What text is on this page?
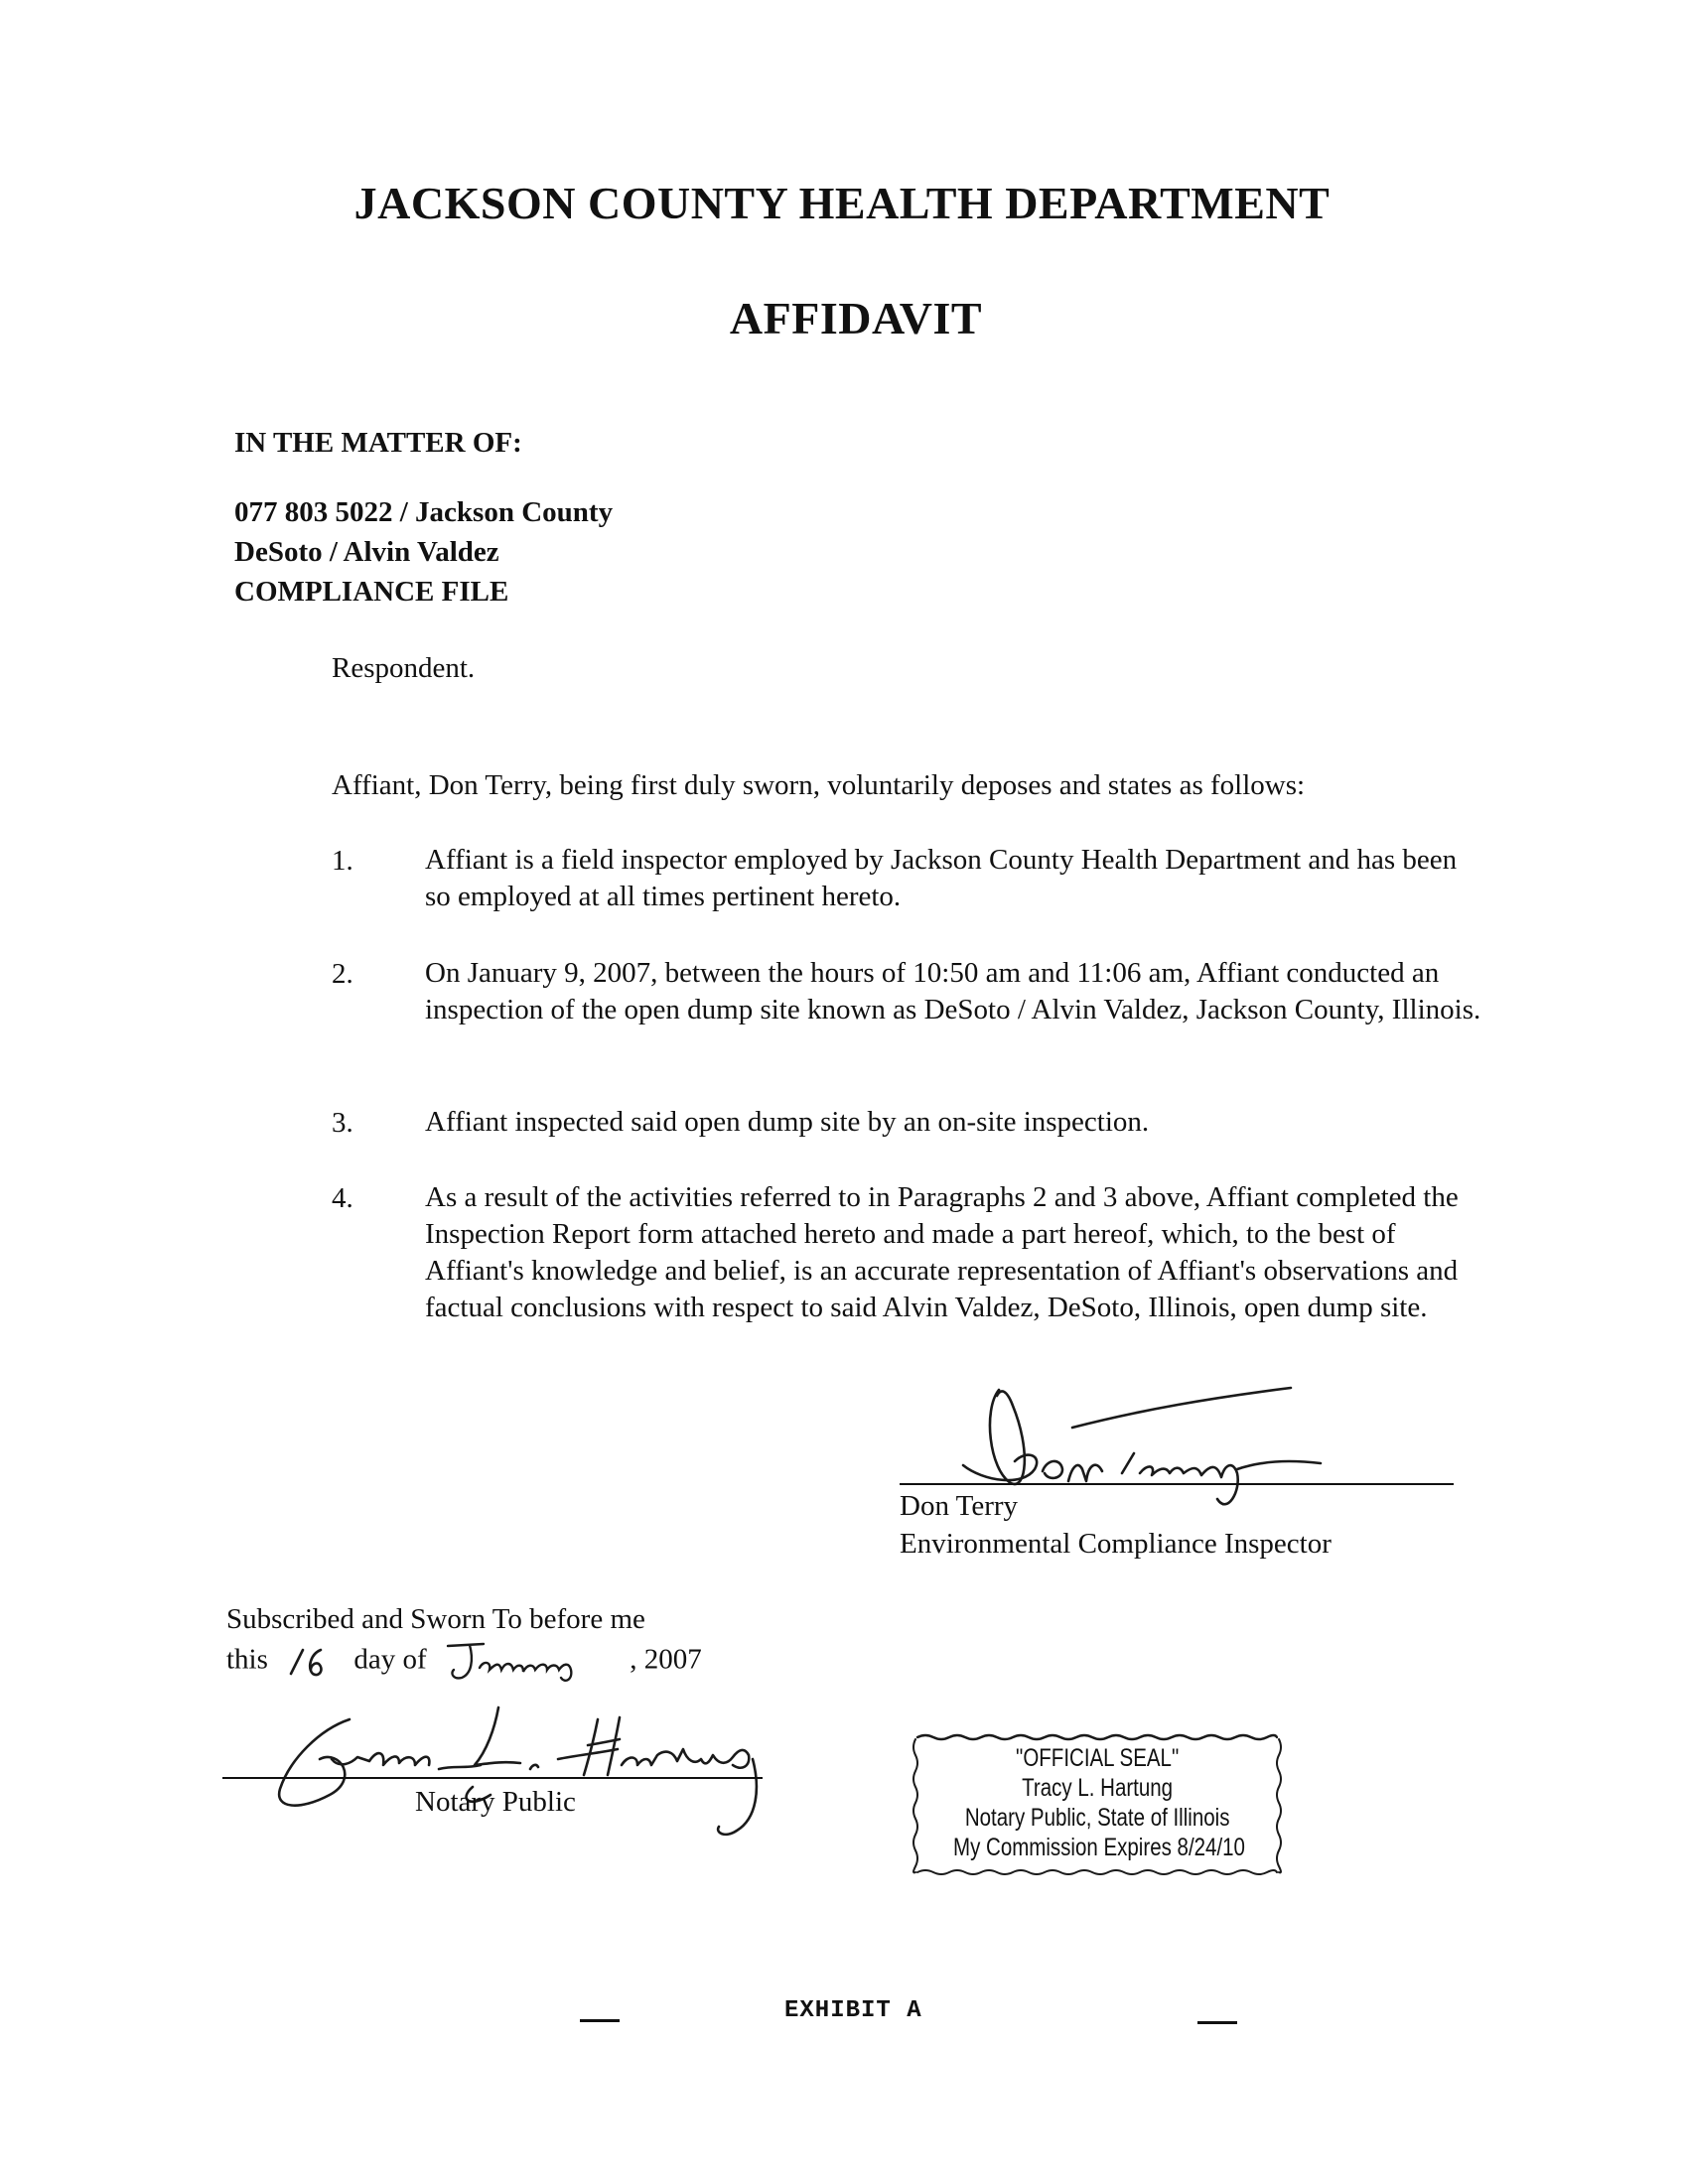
JACKSON COUNTY HEALTH DEPARTMENT
AFFIDAVIT
IN THE MATTER OF:
077 803 5022 / Jackson County
DeSoto / Alvin Valdez
COMPLIANCE FILE
Respondent.
Affiant, Don Terry, being first duly sworn, voluntarily deposes and states as follows:
1. Affiant is a field inspector employed by Jackson County Health Department and has been so employed at all times pertinent hereto.
2. On January 9, 2007, between the hours of 10:50 am and 11:06 am, Affiant conducted an inspection of the open dump site known as DeSoto / Alvin Valdez, Jackson County, Illinois.
3. Affiant inspected said open dump site by an on-site inspection.
4. As a result of the activities referred to in Paragraphs 2 and 3 above, Affiant completed the Inspection Report form attached hereto and made a part hereof, which, to the best of Affiant's knowledge and belief, is an accurate representation of Affiant's observations and factual conclusions with respect to said Alvin Valdez, DeSoto, Illinois, open dump site.
Don Terry
Environmental Compliance Inspector
Subscribed and Sworn To before me
this	day of	, 2007
Notary Public
"OFFICIAL SEAL"
Tracy L. Hartung
Notary Public, State of Illinois
My Commission Expires 8/24/10
EXHIBIT A
